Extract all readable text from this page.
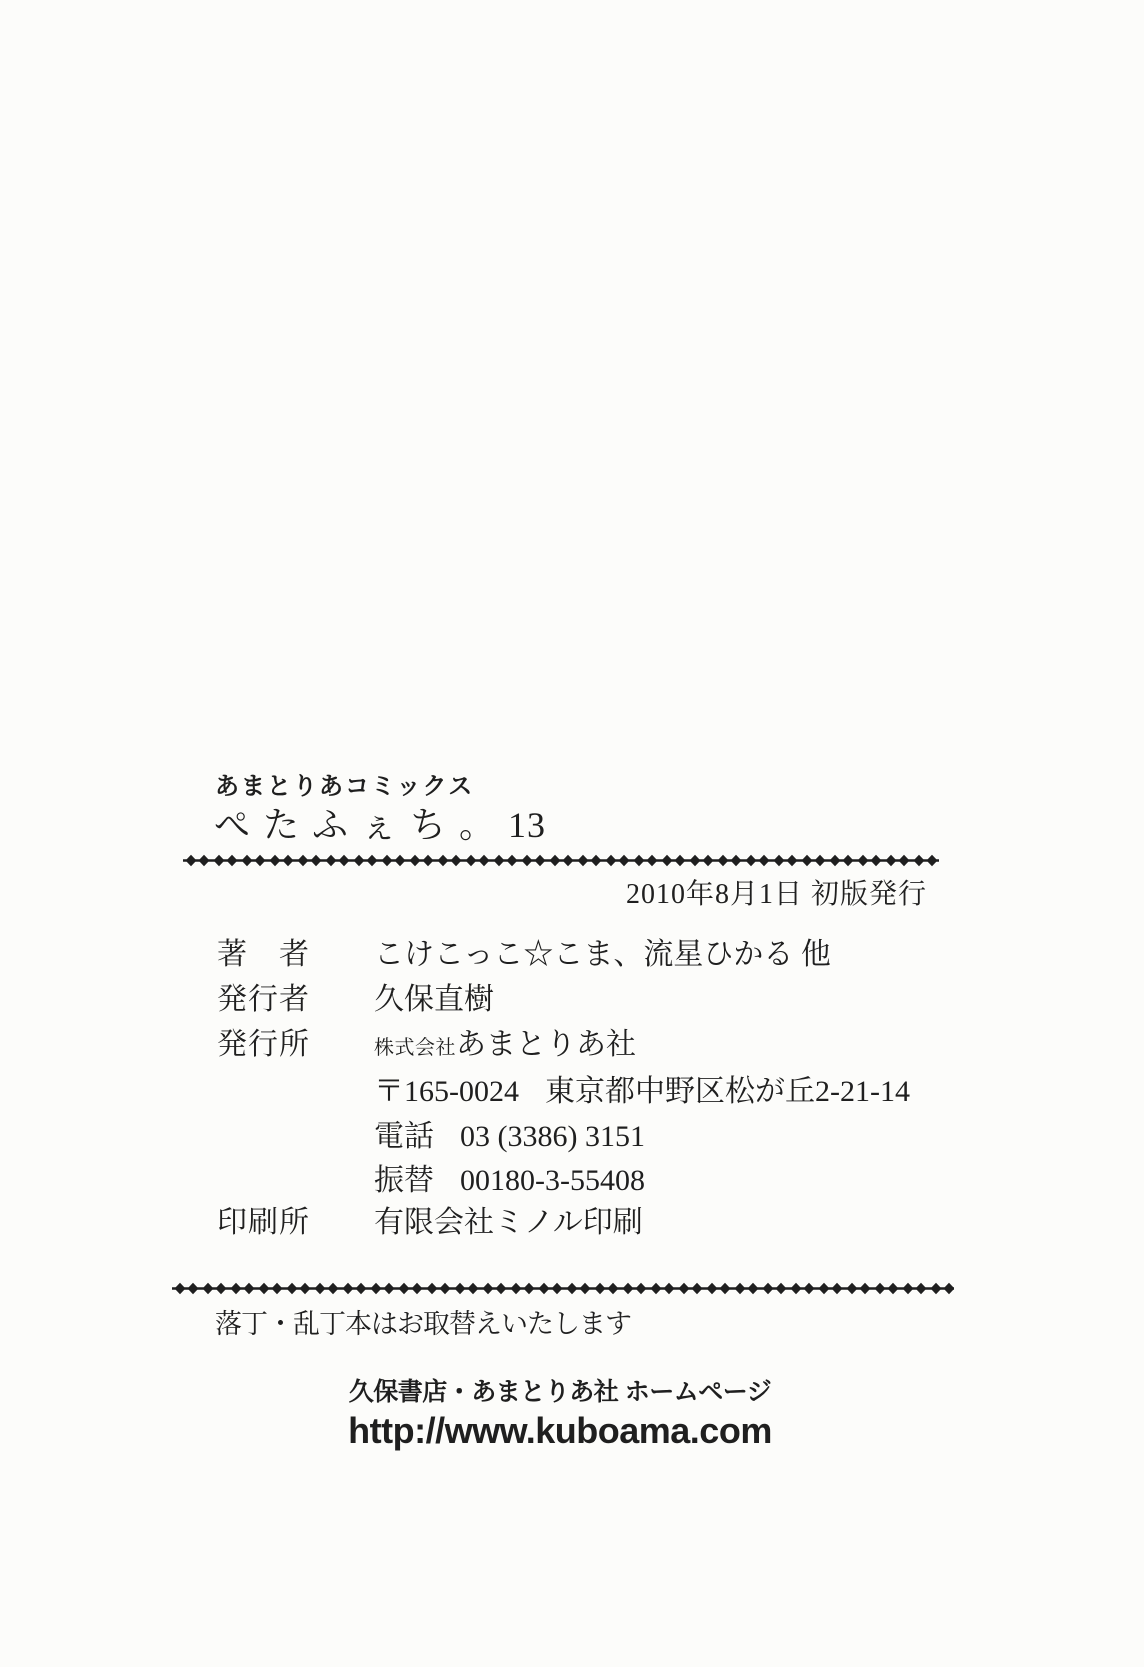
あまとりあコミックス
ぺたふぇち。13
2010年8月1日 初版発行
著　者 こけこっこ☆こま、流星ひかる 他
発行者 久保直樹
発行所	株式会社あまとりあ社
〒165-0024 東京都中野区松が丘2-21-14
電話 03 (3386) 3151
振替 00180-3-55408
印刷所 有限会社ミノル印刷
落丁・乱丁本はお取替えいたします
久保書店・あまとりあ社 ホームページ
http://www.kuboama.com
